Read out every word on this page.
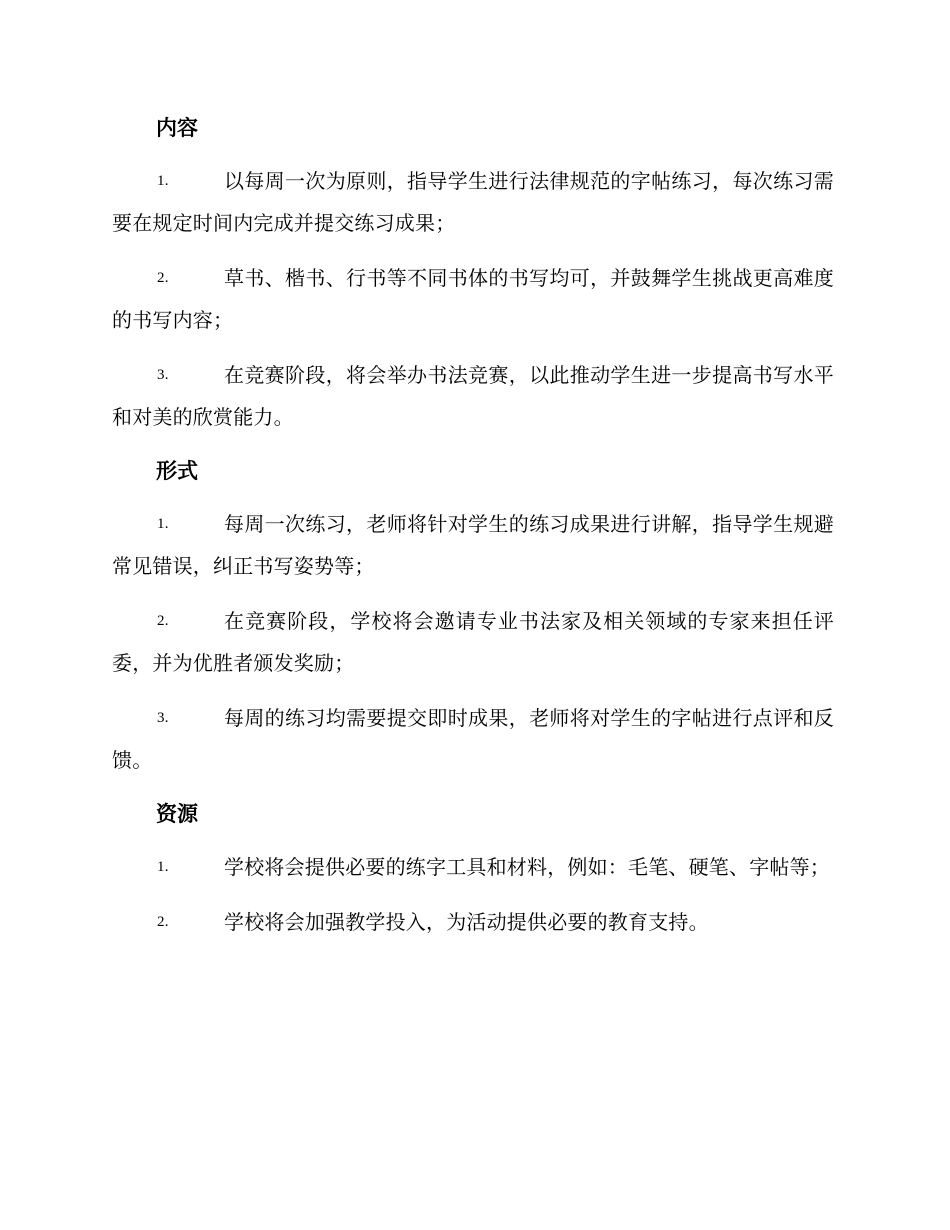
内容

1.	以每周一次为原则，指导学生进行法律规范的字帖练习，每次练习需要在规定时间内完成并提交练习成果；

2.	草书、楷书、行书等不同书体的书写均可，并鼓舞学生挑战更高难度的书写内容；

3.	在竞赛阶段，将会举办书法竞赛，以此推动学生进一步提高书写水平和对美的欣赏能力。

形式

1.	每周一次练习，老师将针对学生的练习成果进行讲解，指导学生规避常见错误，纠正书写姿势等；

2.	在竞赛阶段，学校将会邀请专业书法家及相关领域的专家来担任评委，并为优胜者颁发奖励；

3.	每周的练习均需要提交即时成果，老师将对学生的字帖进行点评和反馈。

资源

1.	学校将会提供必要的练字工具和材料，例如：毛笔、硬笔、字帖等；

2.	学校将会加强教学投入，为活动提供必要的教育支持。
